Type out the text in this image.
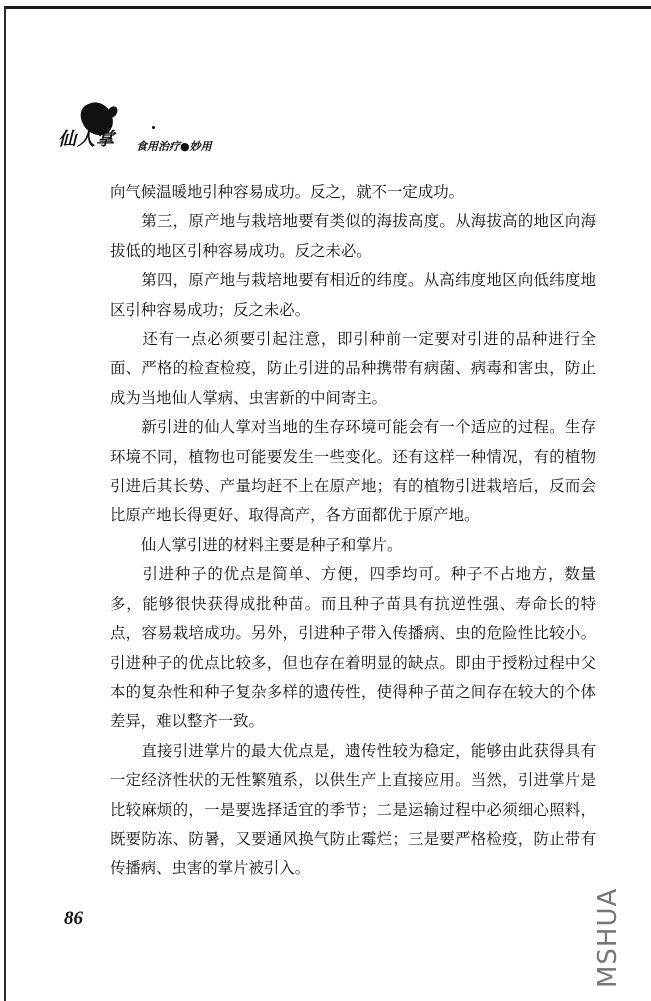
仙人掌 食用治疗●妙用

向气候温暖地引种容易成功。反之，就不一定成功。

　　第三，原产地与栽培地要有类似的海拔高度。从海拔高的地区向海拔低的地区引种容易成功。反之未必。

　　第四，原产地与栽培地要有相近的纬度。从高纬度地区向低纬度地区引种容易成功；反之未必。

　　还有一点必须要引起注意，即引种前一定要对引进的品种进行全面、严格的检查检疫，防止引进的品种携带有病菌、病毒和害虫，防止成为当地仙人掌病、虫害新的中间寄主。

　　新引进的仙人掌对当地的生存环境可能会有一个适应的过程。生存环境不同，植物也可能要发生一些变化。还有这样一种情况，有的植物引进后其长势、产量均赶不上在原产地；有的植物引进栽培后，反而会比原产地长得更好、取得高产，各方面都优于原产地。

　　仙人掌引进的材料主要是种子和掌片。

　　引进种子的优点是简单、方便，四季均可。种子不占地方，数量多，能够很快获得成批种苗。而且种子苗具有抗逆性强、寿命长的特点，容易栽培成功。另外，引进种子带入传播病、虫的危险性比较小。引进种子的优点比较多，但也存在着明显的缺点。即由于授粉过程中父本的复杂性和种子复杂多样的遗传性，使得种子苗之间存在较大的个体差异，难以整齐一致。

　　直接引进掌片的最大优点是，遗传性较为稳定，能够由此获得具有一定经济性状的无性繁殖系，以供生产上直接应用。当然，引进掌片是比较麻烦的，一是要选择适宜的季节；二是运输过程中必须细心照料，既要防冻、防暑，又要通风换气防止霉烂；三是要严格检疫，防止带有传播病、虫害的掌片被引入。

86	MSHUA
